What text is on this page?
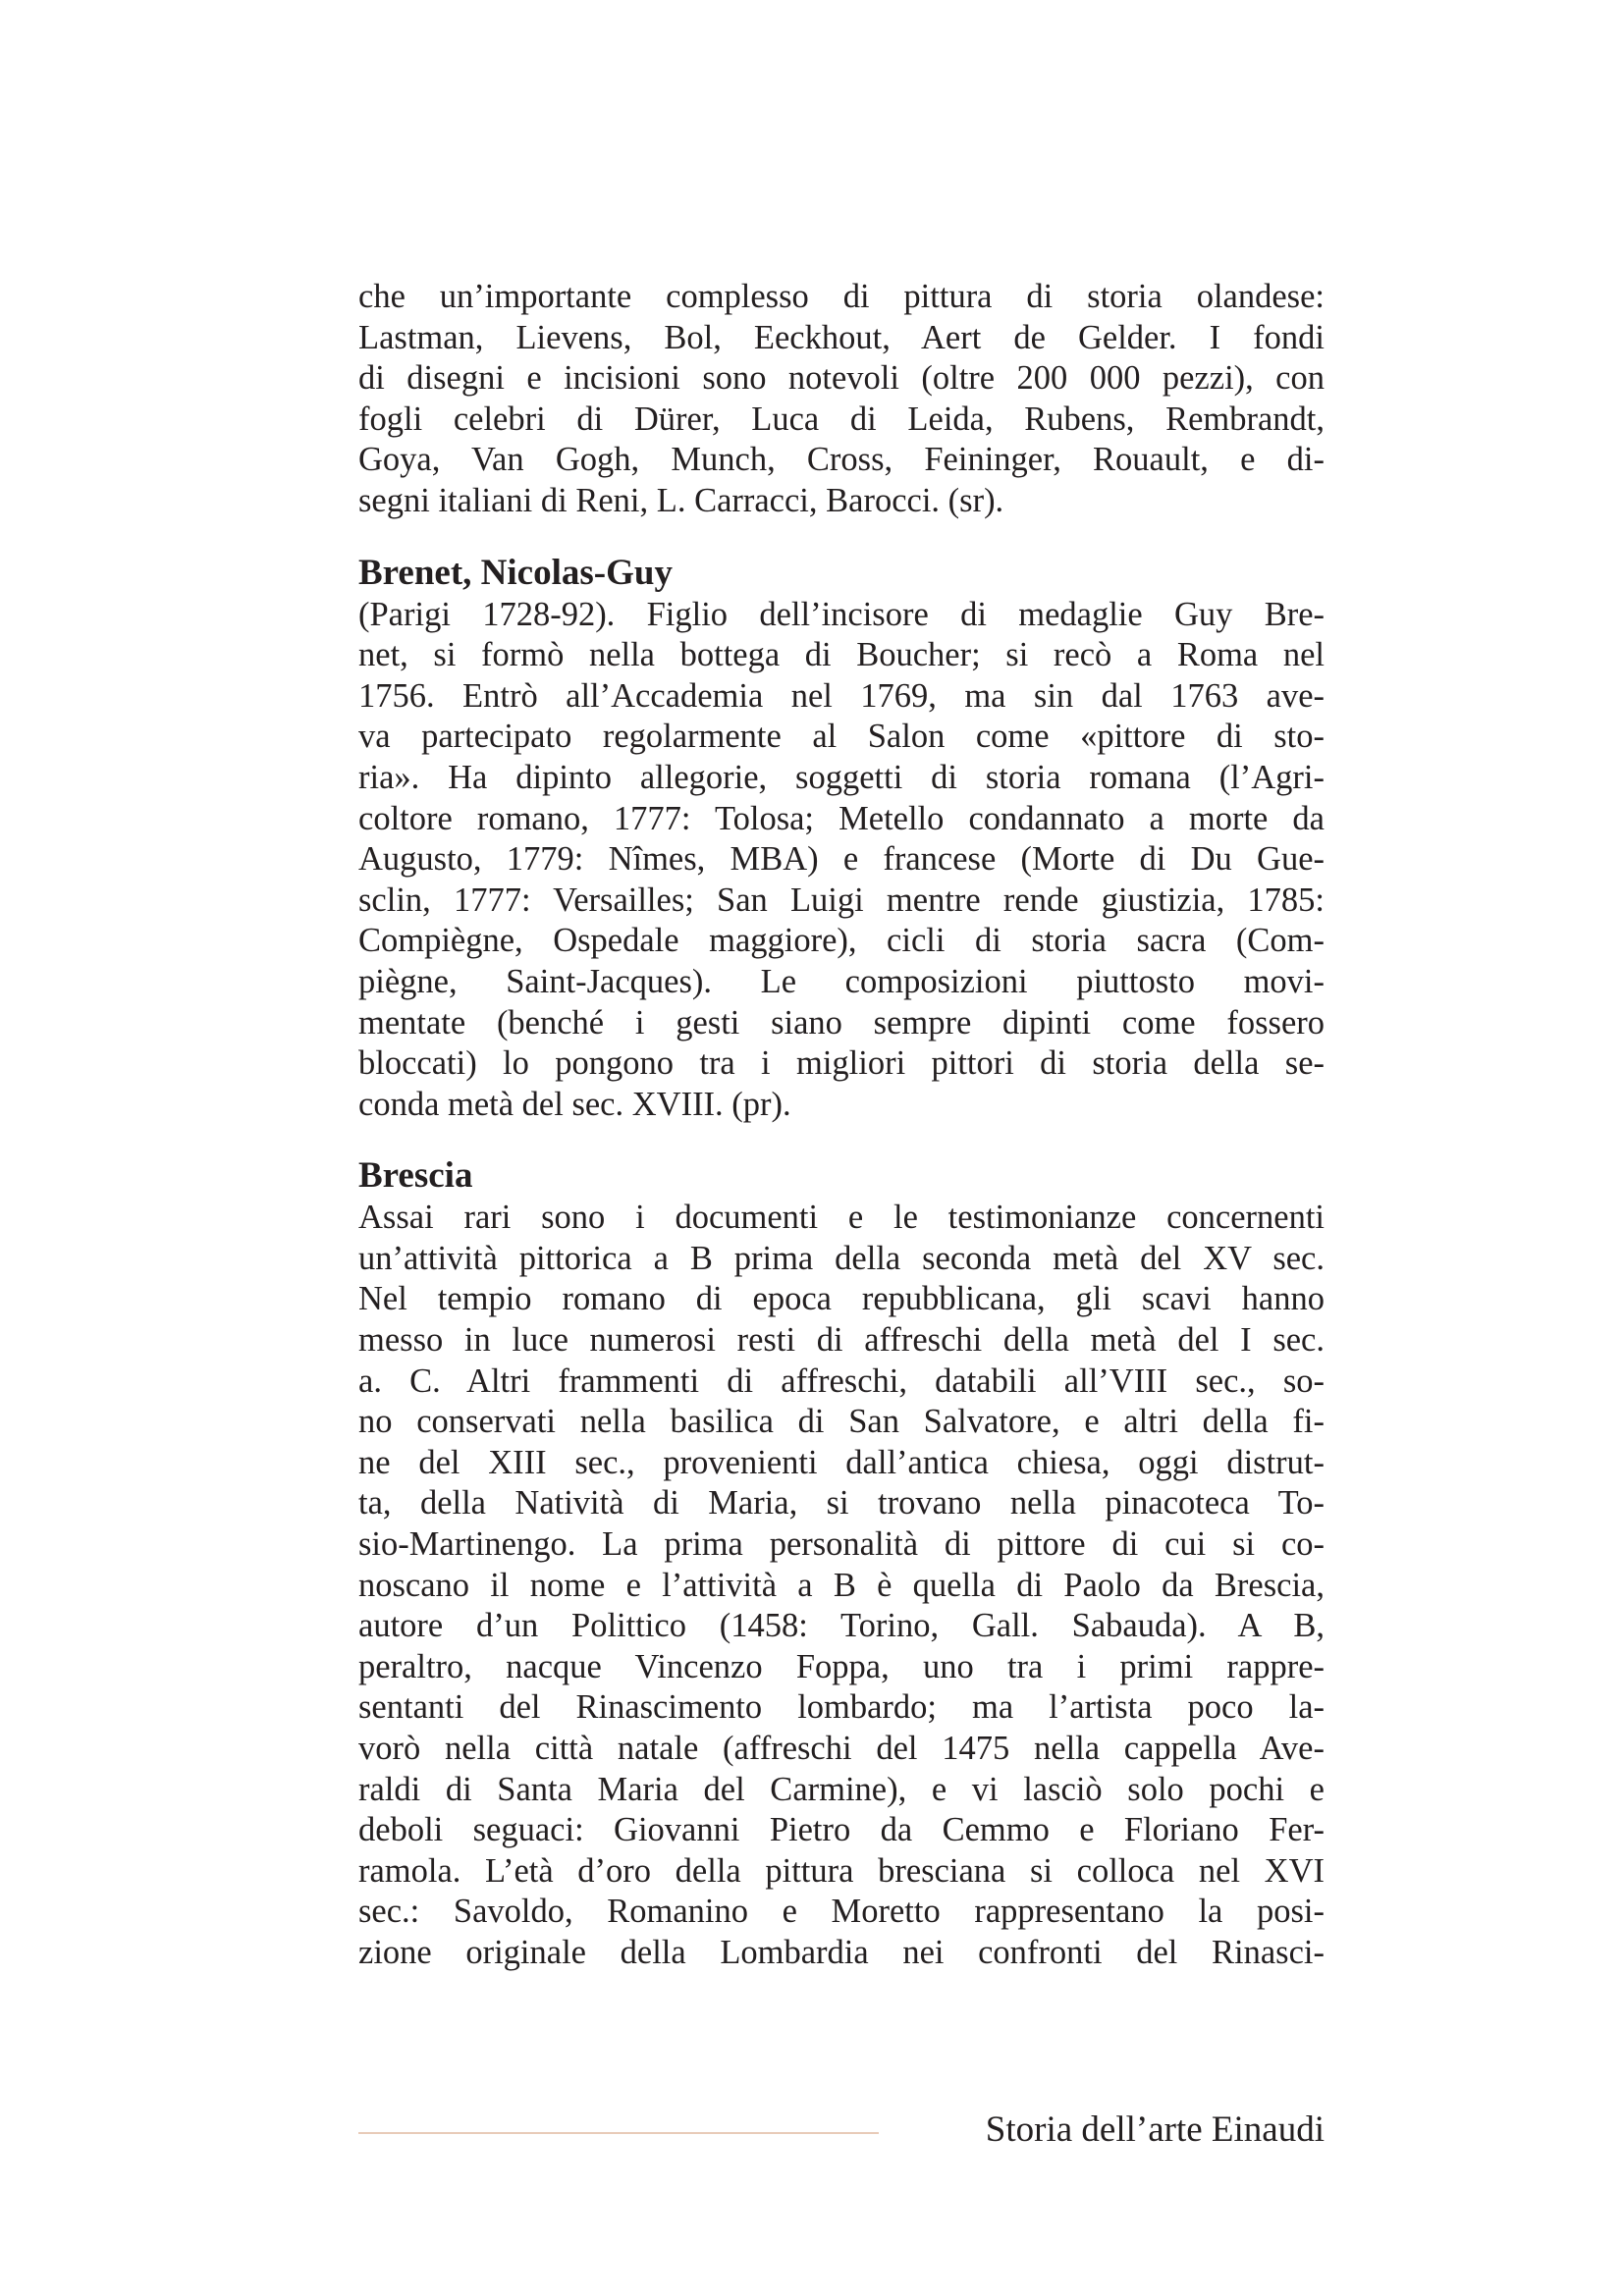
che un’importante complesso di pittura di storia olandese:
Lastman, Lievens, Bol, Eeckhout, Aert de Gelder. I fondi
di disegni e incisioni sono notevoli (oltre 200 000 pezzi), con
fogli celebri di Dürer, Luca di Leida, Rubens, Rembrandt,
Goya, Van Gogh, Munch, Cross, Feininger, Rouault, e di-
segni italiani di Reni, L. Carracci, Barocci. (sr).
Brenet, Nicolas-Guy
(Parigi 1728-92). Figlio dell’incisore di medaglie Guy Bre-
net, si formò nella bottega di Boucher; si recò a Roma nel
1756. Entrò all’Accademia nel 1769, ma sin dal 1763 ave-
va partecipato regolarmente al Salon come «pittore di sto-
ria». Ha dipinto allegorie, soggetti di storia romana (l’Agri-
coltore romano, 1777: Tolosa; Metello condannato a morte da
Augusto, 1779: Nîmes, MBA) e francese (Morte di Du Gue-
sclin, 1777: Versailles; San Luigi mentre rende giustizia, 1785:
Compiègne, Ospedale maggiore), cicli di storia sacra (Com-
piègne, Saint-Jacques). Le composizioni piuttosto movi-
mentate (benché i gesti siano sempre dipinti come fossero
bloccati) lo pongono tra i migliori pittori di storia della se-
conda metà del sec. XVIII. (pr).
Brescia
Assai rari sono i documenti e le testimonianze concernenti
un’attività pittorica a B prima della seconda metà del XV sec.
Nel tempio romano di epoca repubblicana, gli scavi hanno
messo in luce numerosi resti di affreschi della metà del I sec.
a. C. Altri frammenti di affreschi, databili all’VIII sec., so-
no conservati nella basilica di San Salvatore, e altri della fi-
ne del XIII sec., provenienti dall’antica chiesa, oggi distrut-
ta, della Natività di Maria, si trovano nella pinacoteca To-
sio-Martinengo. La prima personalità di pittore di cui si co-
noscano il nome e l’attività a B è quella di Paolo da Brescia,
autore d’un Polittico (1458: Torino, Gall. Sabauda). A B,
peraltro, nacque Vincenzo Foppa, uno tra i primi rappre-
sentanti del Rinascimento lombardo; ma l’artista poco la-
vorò nella città natale (affreschi del 1475 nella cappella Ave-
raldi di Santa Maria del Carmine), e vi lasciò solo pochi e
deboli seguaci: Giovanni Pietro da Cemmo e Floriano Fer-
ramola. L’età d’oro della pittura bresciana si colloca nel XVI
sec.: Savoldo, Romanino e Moretto rappresentano la posi-
zione originale della Lombardia nei confronti del Rinasci-
Storia dell’arte Einaudi
